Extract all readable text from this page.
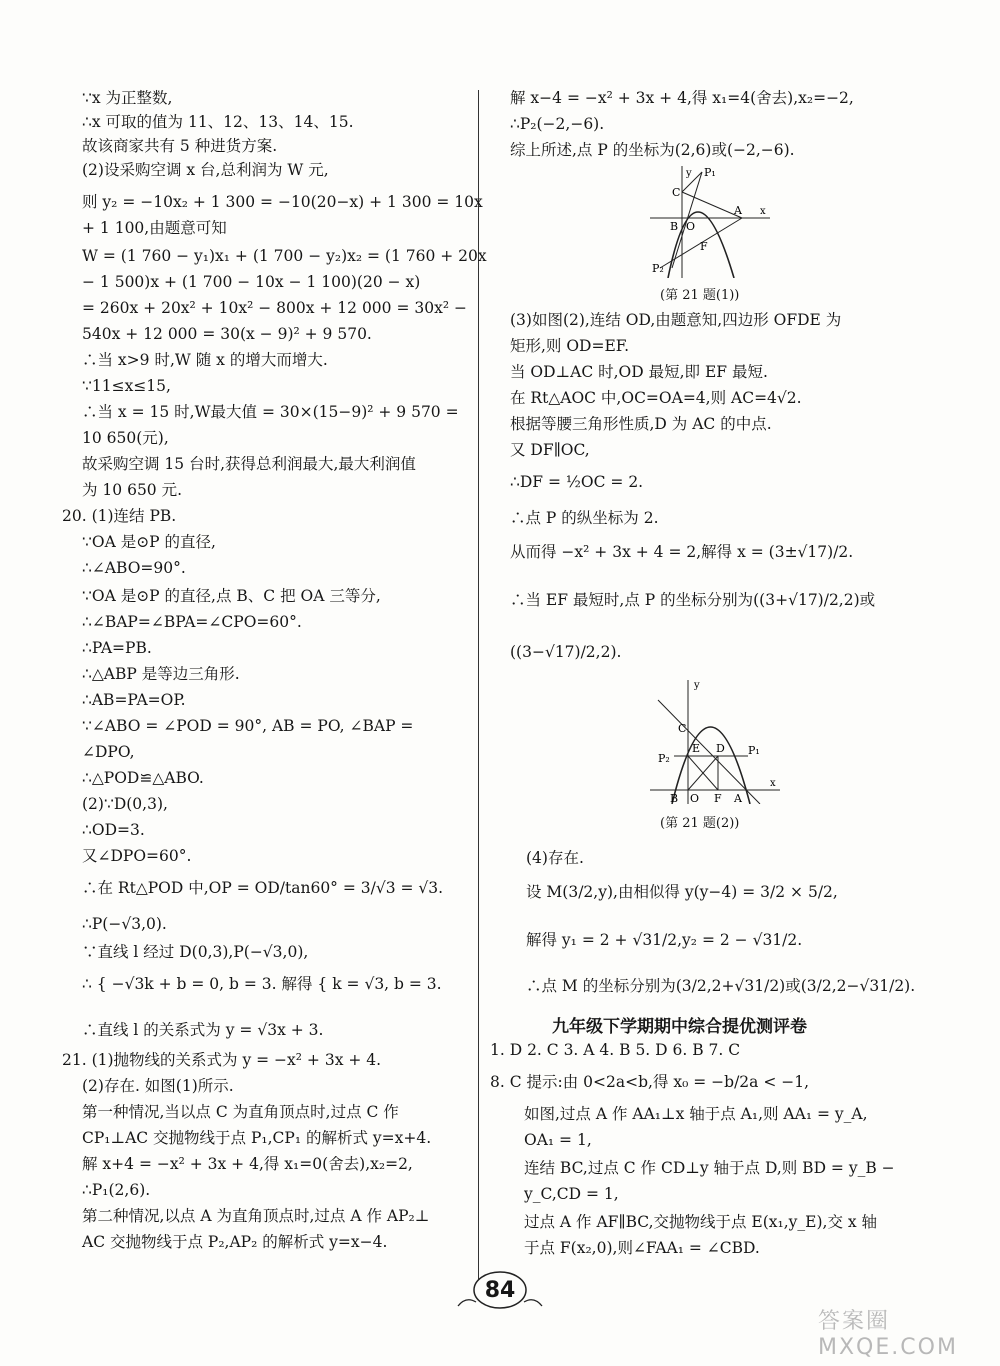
∵x 为正整数,
∴x 可取的值为 11、12、13、14、15.
故该商家共有 5 种进货方案.
(2)设采购空调 x 台,总利润为 W 元,
则 y₂ = −10x₂ + 1 300 = −10(20−x) + 1 300 = 10x
+ 1 100,由题意可知
W = (1 760 − y₁)x₁ + (1 700 − y₂)x₂ = (1 760 + 20x
− 1 500)x + (1 700 − 10x − 1 100)(20 − x)
= 260x + 20x² + 10x² − 800x + 12 000 = 30x² −
540x + 12 000 = 30(x − 9)² + 9 570.
∴当 x>9 时,W 随 x 的增大而增大.
∵11≤x≤15,
∴当 x = 15 时,W最大值 = 30×(15−9)² + 9 570 =
10 650(元),
故采购空调 15 台时,获得总利润最大,最大利润值
为 10 650 元.
20. (1)连结 PB.
∵OA 是⊙P 的直径,
∴∠ABO=90°.
∵OA 是⊙P 的直径,点 B、C 把 OA 三等分,
∴∠BAP=∠BPA=∠CPO=60°.
∴PA=PB.
∴△ABP 是等边三角形.
∴AB=PA=OP.
∵∠ABO = ∠POD = 90°, AB = PO, ∠BAP =
∠DPO,
∴△POD≌△ABO.
(2)∵D(0,3),
∴OD=3.
又∠DPO=60°.
∴在 Rt△POD 中,OP = OD/tan60° = 3/√3 = √3.
∴P(−√3,0).
∵直线 l 经过 D(0,3),P(−√3,0),
∴ { −√3k + b = 0, b = 3. 解得 { k = √3, b = 3.
∴直线 l 的关系式为 y = √3x + 3.
21. (1)抛物线的关系式为 y = −x² + 3x + 4.
(2)存在. 如图(1)所示.
第一种情况,当以点 C 为直角顶点时,过点 C 作
CP₁⊥AC 交抛物线于点 P₁,CP₁ 的解析式 y=x+4.
解 x+4 = −x² + 3x + 4,得 x₁=0(舍去),x₂=2,
∴P₁(2,6).
第二种情况,以点 A 为直角顶点时,过点 A 作 AP₂⊥
AC 交抛物线于点 P₂,AP₂ 的解析式 y=x−4.
解 x−4 = −x² + 3x + 4,得 x₁=4(舍去),x₂=−2,
∴P₂(−2,−6).
综上所述,点 P 的坐标为(2,6)或(−2,−6).
y
C
P₁
B O
A x
F
P₂
(第 21 题(1))
(3)如图(2),连结 OD,由题意知,四边形 OFDE 为
矩形,则 OD=EF.
当 OD⊥AC 时,OD 最短,即 EF 最短.
在 Rt△AOC 中,OC=OA=4,则 AC=4√2.
根据等腰三角形性质,D 为 AC 的中点.
又 DF∥OC,
∴DF = ½OC = 2.
∴点 P 的纵坐标为 2.
从而得 −x² + 3x + 4 = 2,解得 x = (3±√17)/2.
∴当 EF 最短时,点 P 的坐标分别为((3+√17)/2,2)或
((3−√17)/2,2).
y
C
E D P₁
P₂
B O F A
x
(第 21 题(2))
(4)存在.
设 M(3/2,y),由相似得 y(y−4) = 3/2 × 5/2,
解得 y₁ = 2 + √31/2,y₂ = 2 − √31/2.
∴点 M 的坐标分别为(3/2,2+√31/2)或(3/2,2−√31/2).
九年级下学期期中综合提优测评卷
1. D 2. C 3. A 4. B 5. D 6. B 7. C
8. C 提示:由 0<2a<b,得 x₀ = −b/2a < −1,
如图,过点 A 作 AA₁⊥x 轴于点 A₁,则 AA₁ = y_A,
OA₁ = 1,
连结 BC,过点 C 作 CD⊥y 轴于点 D,则 BD = y_B −
y_C,CD = 1,
过点 A 作 AF∥BC,交抛物线于点 E(x₁,y_E),交 x 轴
于点 F(x₂,0),则∠FAA₁ = ∠CBD.
84
答案圈 MXQE.COM
